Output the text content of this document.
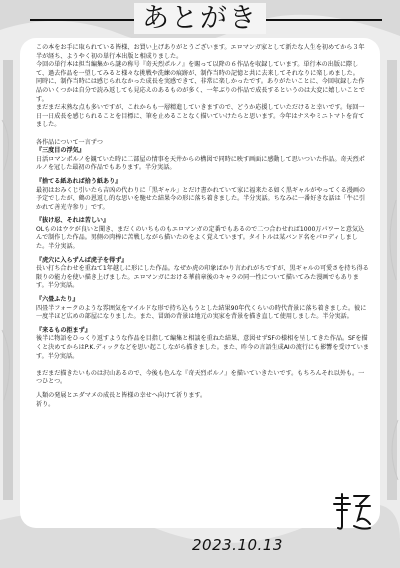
あとがき

この本をお手に取られている皆様、お買い上げありがとうございます。エロマンガ家として新たな人生を初めてから３年半が経ち、ようやく初の単行本出版と相成りました。

今回の単行本は担当編集から謎の称号『奇天烈ポルノ』を賜って以降の６作品を収録しています。単行本の出版に際して、過去作品を一望してみると様々な挑戦や洗練の痕跡が、制作当時の記憶と共に去来してそれなりに楽しめました。

同時に、制作当時には感じられなかった成長を実感できて、非常に楽しかったです。ありがたいことに、今回収録した作品のいくつかは自分で読み返しても見応えのあるものが多く、一年ぶりの作品で成長するというのは大変に嬉しいことです。

まだまだ未熟な点も多いですが、これからも一層精進していきますので、どうか応援していただけると幸いです。毎回一日一日成長を感じられることを目標に、筆を止めることなく描いていけたらと思います。今年はナスやミニトマトを育てました。

各作品について一言ずつ

『三度目の浮気』

日活ロマンポルノを観ていた時に二部屋の情事を天井からの構図で同時に映す画面に感動して思いついた作品。奇天烈ポルノを冠した最初の作品でもあります。半分実話。

『捨てる紙あれば拾う紙あり』

最初はおみくじ引いたら吉凶の代わりに「黒ギャル」とだけ書かれていて家に福来たる如く黒ギャルがやってくる漫画の予定でしたが、鶴の恩返し的な思いを馳せた結果今の形に落ち着きました。半分実話。ちなみに一番好きな話は「牛に引かれて善光寺参り」です。

『抜け忍、それは苦しい』

OLものはウケが良いと聞き、まだくのいちものもエロマンガの定番でもあるので二つ合わせれば1000万パワーと意気込んで制作した作品。男側の肉棒に苦戦しながら描いたのをよく覚えています。タイトルは某バンド名をパロディしました。半分実話。

『虎穴に入らずんば虎子を得ず』

長い打ち合わせを重ねて1年越しに形にした作品。なぜか虎の印象ばかり言われがちですが、黒ギャルの可愛さを持ち得る限りの能力を使い描き上げました。エロマンガにおける華前章後のキャラの同一性について描いてみた漫画でもあります。半分実話。

『六畳ふたり』

四畳半フォークのような雰囲気をマイルドな形で持ち込もうとした結果90年代くらいの時代背景に落ち着きました。彼に一度半ほど広めの部屋になりました。また、冒頭の背景は地元の実家を背景を描き直して使用しました。半分実話。

『来るもの拒まず』

後半に物語をひっくり返すような作品を目指して編集と相談を重ねた結果、意図せずSFの様相を呈してきた作品。SFを描くと決めてからはP.K.ディックなどを思い起こしながら描きました。また、昨今の言語生成AIの流行にも影響を受けています。半分実話。

まだまだ描きたいものは沢山あるので、今後も色んな『奇天烈ポルノ』を描いていきたいです。もちろんそれ以外も。一つひとつ。

人類の発展とエダマメの成長と皆様の幸せへ向けて祈ります。

祈り。

2023.10.13
